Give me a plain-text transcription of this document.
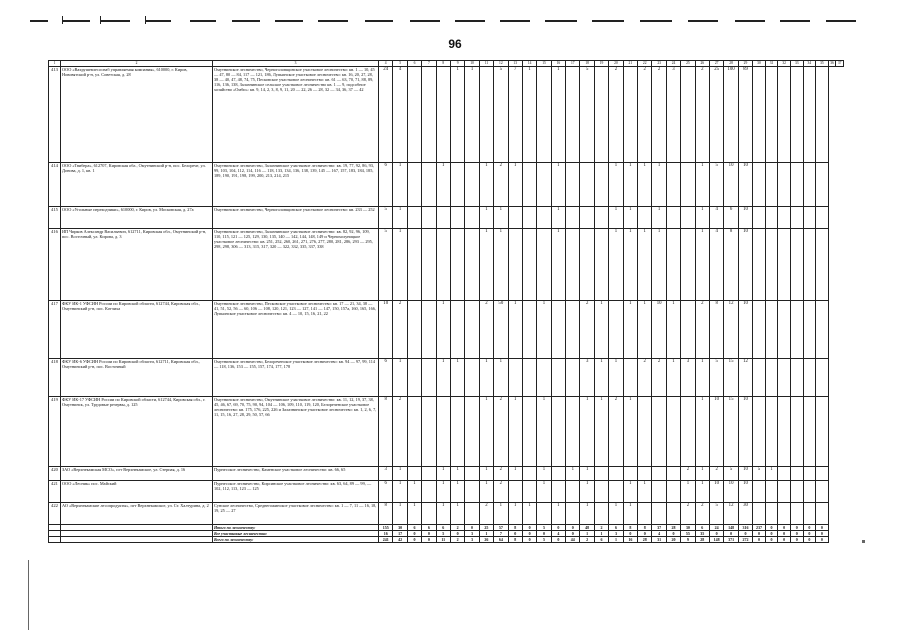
96
1	2	3	4	5	6	7	8	9	10	11	12	13	14	15	16	17	18	19	20	21	22	23	24	25	26	27	28	29	30	31	32	33	34	35	36	37
413	ООО «Вахрушевлесоснаб управляемая компания», 610000, г. Киров, Нововятский р-н, ул. Советская, д. 28	Омутнинское лесничество, Черноголовщинское участковое лесничество: кв. 1 — 10, 45 — 47, 80 — 84, 117 — 121, 186, Лупьинское участковое лесничество: кв. 16, 20, 27, 28, 38 — 40, 47, 48, 74, 75, Песковское участковое лесничество: кв. 61 — 63, 70, 71, 88, 89, 116, 136, 138, Залазнинское сельское участковое лесничество кв. 1 — 9, подсобное хозяйство «Омби»: кв. 9, 14, 2, 3, 8, 9, 11, 20 — 22, 26 — 28, 32 — 34, 36, 37 — 42	24	4				1	1		5	7	1		1		5		2		2	2	3		2	25	100	89								
414	ООО «Твибера», 612707, Кировская обл., Омутнинский р-н, пос. Белорече, ул. Донова, д. 1, кв. 1	Омутнинское лесничество, Залазнинское участковое лесничество: кв. 19, 77, 92, 86, 93, 99, 103, 104, 112, 114, 116 — 118, 133, 134, 136, 138, 139, 145 — 167, 157, 183, 184, 185, 189, 190, 191, 198, 199, 200, 213, 214, 215	6	1			1			1	2	1			1				1	1	1	1			1	5	10	10								
415	ООО «Угольные переходчики», 610000, г. Киров, ул. Московская, д. 27а	Омутнинское лесничество, Черноголовщинское участковое лесничество: кв. 233 — 252	5	1						1	1				1				1	1		1			1	4	6	10								
416	ИП Чирков Александр Васильевич, 612711, Кировская обл., Омутнинский р-н, пос. Восточный, ул. Кирова, д. 3	Омутнинское лесничество, Залазнинское участковое лесничество: кв. 82, 92, 96, 109, 110, 115, 121 — 125, 129, 130, 135, 140 — 142, 144, 148, 149 и Чернохолуницкое участковое лесничество: кв. 251, 252, 260, 261, 271, 276, 277, 280, 281, 286, 293 — 295, 298, 298, 306 — 313, 315, 317, 320 — 322, 332, 335, 337, 338	5	1						1	1				1				1	1	1	1			1	4	8	10								
417	ФКУ ИК-1 УФСИН России по Кировской области, 612744, Кировская обл., Омутнинский р-н, пос. Котчиха	Омутнинское лесничество, Песковское участковое лесничество: кв. 17 — 21, 34, 38 — 41, 51, 52, 56 — 60, 106 — 108, 120, 121, 123 — 127, 141 — 147, 150, 157а, 160, 165, 166, Лупьинское участковое лесничество: кв. 4 — 10, 15, 16, 21, 22	10	2			1			2	50	1		1			2	1		1	1	10	1		2	8	12	10								
418	ФКУ ИК-6 УФСИН России по Кировской области, 612711, Кировская обл., Омутнинский р-н, пос. Восточный	Омутнинское лесничество, Белореченское участковое лесничество: кв. 94 — 97, 99, 114 — 118, 136, 153 — 155, 157, 174, 177, 178	6	1			1	1		1	1						3	1	1		2	2	1	3	1	5	15	12								
419	ФКУ ИК-17 УФСИН России по Кировской области, 612744, Кировская обл., г. Омутнинск, ул. Трудовые резервы, д. 125	Омутнинское лесничество, Омутнинское участковое лесничество: кв. 11, 12, 19, 37, 38, 45, 46, 67, 69, 70, 75, 90, 94, 104 — 106, 109, 110, 119, 120, Белореченское участковое лесничество: кв. 175, 176, 225, 226 и Залазнинское участковое лесничество: кв. 1, 2, 6, 7, 11, 15, 16, 27, 28, 29, 50, 57, 66	8	2						1	2	1		1			1	1	2	1					1	10	15	10								
420	ЗАО «Верхнекамская МСО», пгт Верхнекамское, ул. Стерпая, д. 16	Пурнесское лесничество, Каменское участковое лесничество: кв. 66, 65	3	1			1	1		1	2	1		1		1	1							2	1	2	5	10	5	1						
421	ООО «Лесник» пос. Майский	Пурнесское лесничество, Кирсинское участковое лесничество: кв. 63, 64, 89 — 99, — 102, 112, 113, 123 — 125	6	1	1		1	1		1	2			1			1			1	1			1	1	10	10	10								
422	АО «Верхнекамские лесопродукты», пгт Верхнекамское, ул. Ст. Халтурина, д. 2	Сунское лесничество, Среднегожинское участковое лесничество: кв. 1 — 7, 11 — 16, 18, 19, 25 — 27	8	1	1		1	1		2	1	1	1		1		1		1	1				2	2	5	12	30								
		Итого по лесничеству:	155	30	6	6	6	2	0	25	57	8	0	5	0	0	48	2	6	8	8	37	28	30	6	24	148	316	237	0	0	0	0	0		
		Все участковые лесничества:	16	17	0	0	5	0	3	1	7	0	0	0	4	0	1	1	3	0	0	4	0	55	35	0	0	0	0	0	0	0	0	0		
		Всего по лесничеству:	241	42	0	0	11	2	3	26	64	8	0	5	0	44	2	6	1	16	28	31	20	9	28	148	371	272	0	0	0	0	0	0		
